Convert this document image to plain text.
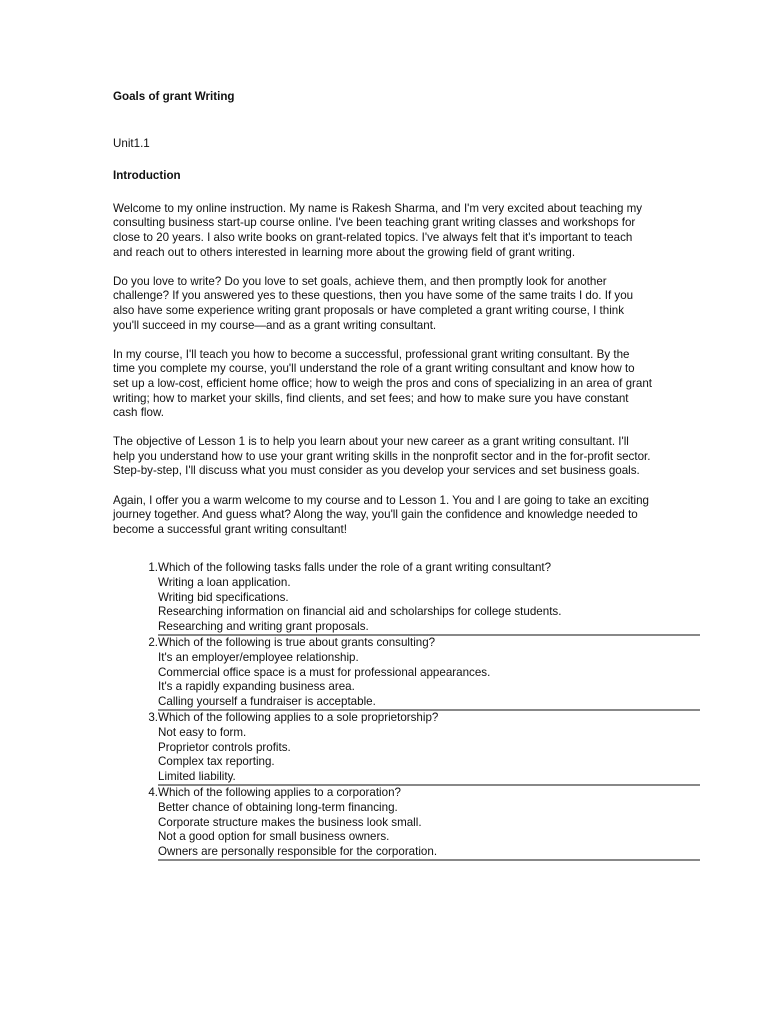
Goals of grant Writing
Unit1.1
Introduction

Welcome to my online instruction. My name is Rakesh Sharma, and I'm very excited about teaching my consulting business start-up course online. I've been teaching grant writing classes and workshops for close to 20 years. I also write books on grant-related topics. I've always felt that it's important to teach and reach out to others interested in learning more about the growing field of grant writing.

Do you love to write? Do you love to set goals, achieve them, and then promptly look for another challenge? If you answered yes to these questions, then you have some of the same traits I do. If you also have some experience writing grant proposals or have completed a grant writing course, I think you'll succeed in my course—and as a grant writing consultant.

In my course, I'll teach you how to become a successful, professional grant writing consultant. By the time you complete my course, you'll understand the role of a grant writing consultant and know how to set up a low-cost, efficient home office; how to weigh the pros and cons of specializing in an area of grant writing; how to market your skills, find clients, and set fees; and how to make sure you have constant cash flow.

The objective of Lesson 1 is to help you learn about your new career as a grant writing consultant. I'll help you understand how to use your grant writing skills in the nonprofit sector and in the for-profit sector. Step-by-step, I'll discuss what you must consider as you develop your services and set business goals.

Again, I offer you a warm welcome to my course and to Lesson 1. You and I are going to take an exciting journey together. And guess what? Along the way, you'll gain the confidence and knowledge needed to become a successful grant writing consultant!

1. Which of the following tasks falls under the role of a grant writing consultant?
Writing a loan application.
Writing bid specifications.
Researching information on financial aid and scholarships for college students.
Researching and writing grant proposals.
2. Which of the following is true about grants consulting?
It's an employer/employee relationship.
Commercial office space is a must for professional appearances.
It's a rapidly expanding business area.
Calling yourself a fundraiser is acceptable.
3. Which of the following applies to a sole proprietorship?
Not easy to form.
Proprietor controls profits.
Complex tax reporting.
Limited liability.
4. Which of the following applies to a corporation?
Better chance of obtaining long-term financing.
Corporate structure makes the business look small.
Not a good option for small business owners.
Owners are personally responsible for the corporation.
